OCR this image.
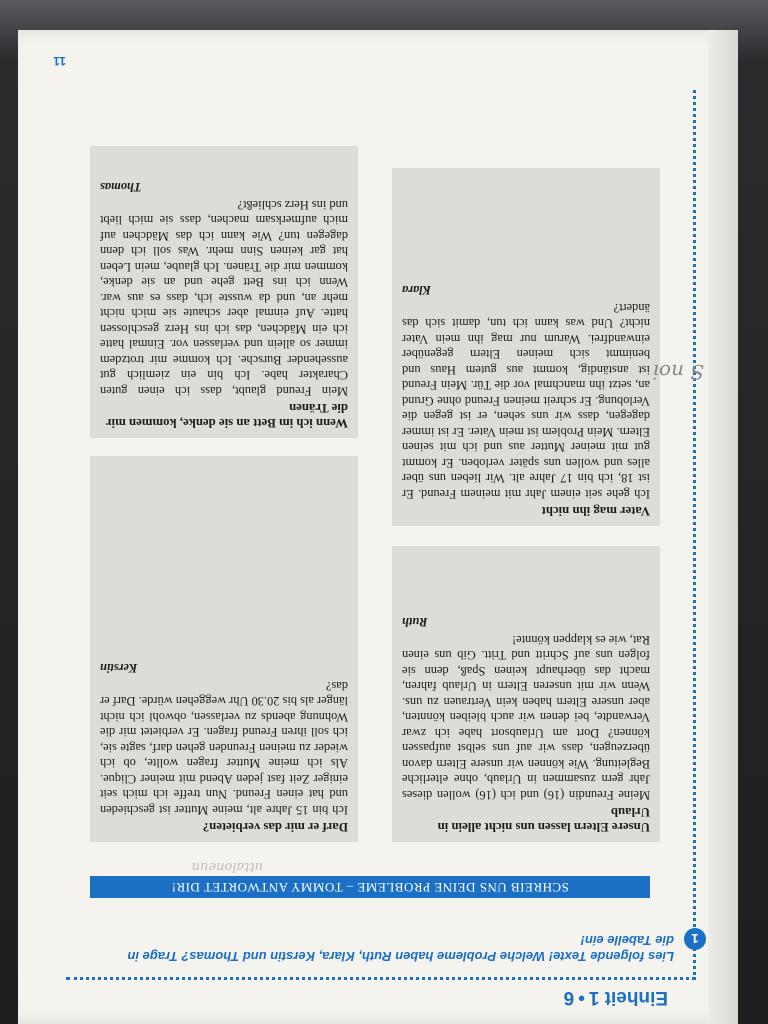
Einheit 1•6
1
Lies folgende Texte! Welche Probleme haben Ruth, Klara, Kerstin und Thomas? Trage in die Tabelle ein!
SCHREIB UNS DEINE PROBLEME – TOMMY ANTWORTET DIR!
uttaloneun
Unsere Eltern lassen uns nicht allein in Urlaub

Meine Freundin (16) und ich (16) wollen dieses Jahr gern zusammen in Urlaub, ohne elterliche Begleitung. Wie können wir unsere Eltern davon überzeugen, dass wir auf uns selbst aufpassen können? Dort am Urlaubsort habe ich zwar Verwandte, bei denen wir auch bleiben könnten, aber unsere Eltern haben kein Vertrauen zu uns. Wenn wir mit unseren Eltern in Urlaub fahren, macht das überhaupt keinen Spaß, denn sie folgen uns auf Schritt und Tritt. Gib uns einen Rat, wie es klappen könnte!

Ruth
Vater mag ihn nicht

Ich gehe seit einem Jahr mit meinem Freund. Er ist 18, ich bin 17 Jahre alt. Wir lieben uns über alles und wollen uns später verloben. Er kommt gut mit meiner Mutter aus und ich mit seinen Eltern. Mein Problem ist mein Vater. Er ist immer dagegen, dass wir uns sehen, er ist gegen die Verlobung. Er schreit meinen Freund ohne Grund an, setzt ihn manchmal vor die Tür. Mein Freund ist anständig, kommt aus gutem Haus und benimmt sich meinen Eltern gegenüber einwandfrei. Warum nur mag ihn mein Vater nicht? Und was kann ich tun, damit sich das ändert?

Klara
Darf er mir das verbieten?

Ich bin 15 Jahre alt, meine Mutter ist geschieden und hat einen Freund. Nun treffe ich mich seit einiger Zeit fast jeden Abend mit meiner Clique. Als ich meine Mutter fragen wollte, ob ich wieder zu meinen Freunden gehen darf, sagte sie, ich soll ihren Freund fragen. Er verbietet mir die Wohnung abends zu verlassen, obwohl ich nicht länger als bis 20.30 Uhr weggehen würde. Darf er das?

Kerstin
Wenn ich im Bett an sie denke, kommen mir die Tränen

Mein Freund glaubt, dass ich einen guten Charakter habe. Ich bin ein ziemlich gut aussehender Bursche. Ich komme mir trotzdem immer so allein und verlassen vor. Einmal hatte ich ein Mädchen, das ich ins Herz geschlossen hatte. Auf einmal aber schaute sie mich nicht mehr an, und da wusste ich, dass es aus war. Wenn ich ins Bett gehe und an sie denke, kommen mir die Tränen. Ich glaube, mein Leben hat gar keinen Sinn mehr. Was soll ich denn dagegen tun? Wie kann ich das Mädchen auf mich aufmerksam machen, dass sie mich liebt und ins Herz schließt?

Thomas
11
S noi
